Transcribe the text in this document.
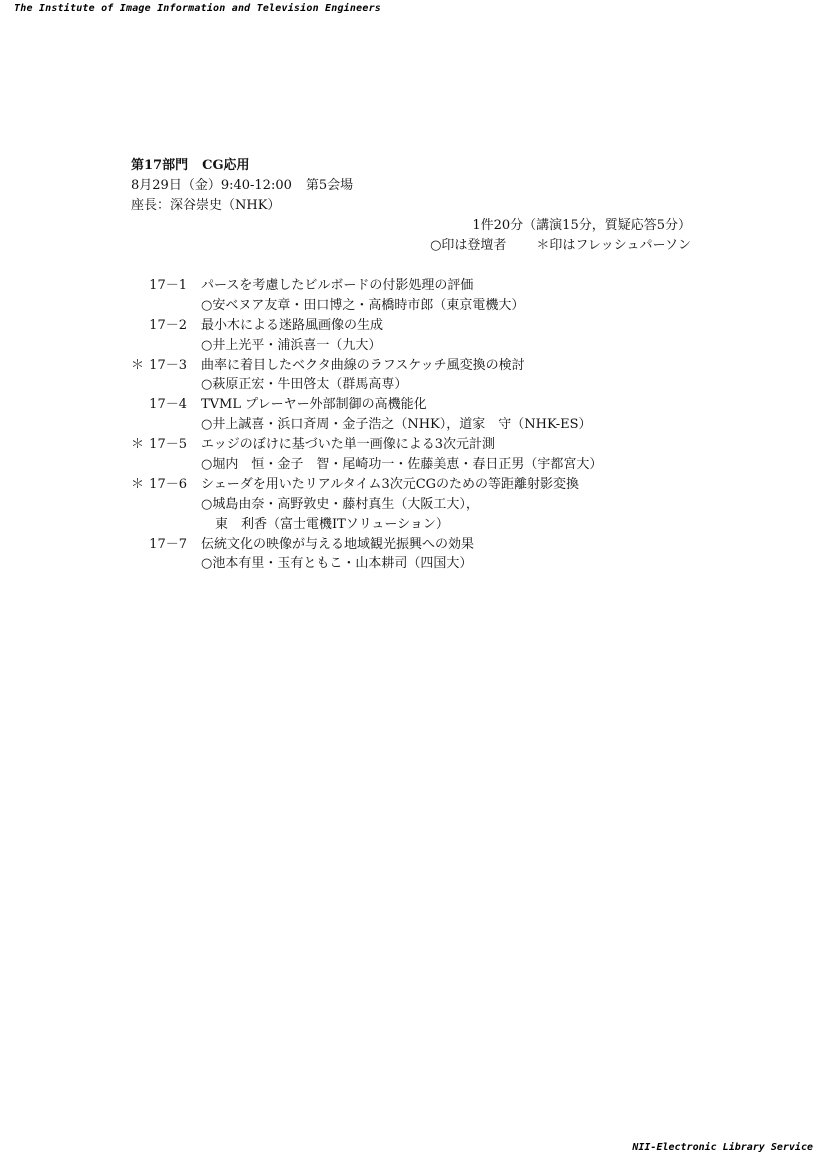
The Institute of Image Information and Television Engineers
第17部門 CG応用
8月29日（金）9:40-12:00 第5会場
座長：深谷崇史（NHK）
1件20分（講演15分，質疑応答5分）
○印は登壇者 ＊印はフレッシュパーソン
17－1 パースを考慮したビルボードの付影処理の評価
○安ベヌア友章・田口博之・高橋時市郎（東京電機大）
17－2 最小木による迷路風画像の生成
○井上光平・浦浜喜一（九大）
＊ 17－3 曲率に着目したベクタ曲線のラフスケッチ風変換の検討
○萩原正宏・牛田啓太（群馬高専）
17－4 TVML プレーヤー外部制御の高機能化
○井上誠喜・浜口斉周・金子浩之（NHK），道家　守（NHK-ES）
＊ 17－5 エッジのぼけに基づいた単一画像による3次元計測
○堀内　恒・金子　智・尾崎功一・佐藤美恵・春日正男（宇都宮大）
＊ 17－6 シェーダを用いたリアルタイム3次元CGのための等距離射影変換
○城島由奈・高野敦史・藤村真生（大阪工大），
東　利香（富士電機ITソリューション）
17－7 伝統文化の映像が与える地域観光振興への効果
○池本有里・玉有ともこ・山本耕司（四国大）
NII-Electronic Library Service
